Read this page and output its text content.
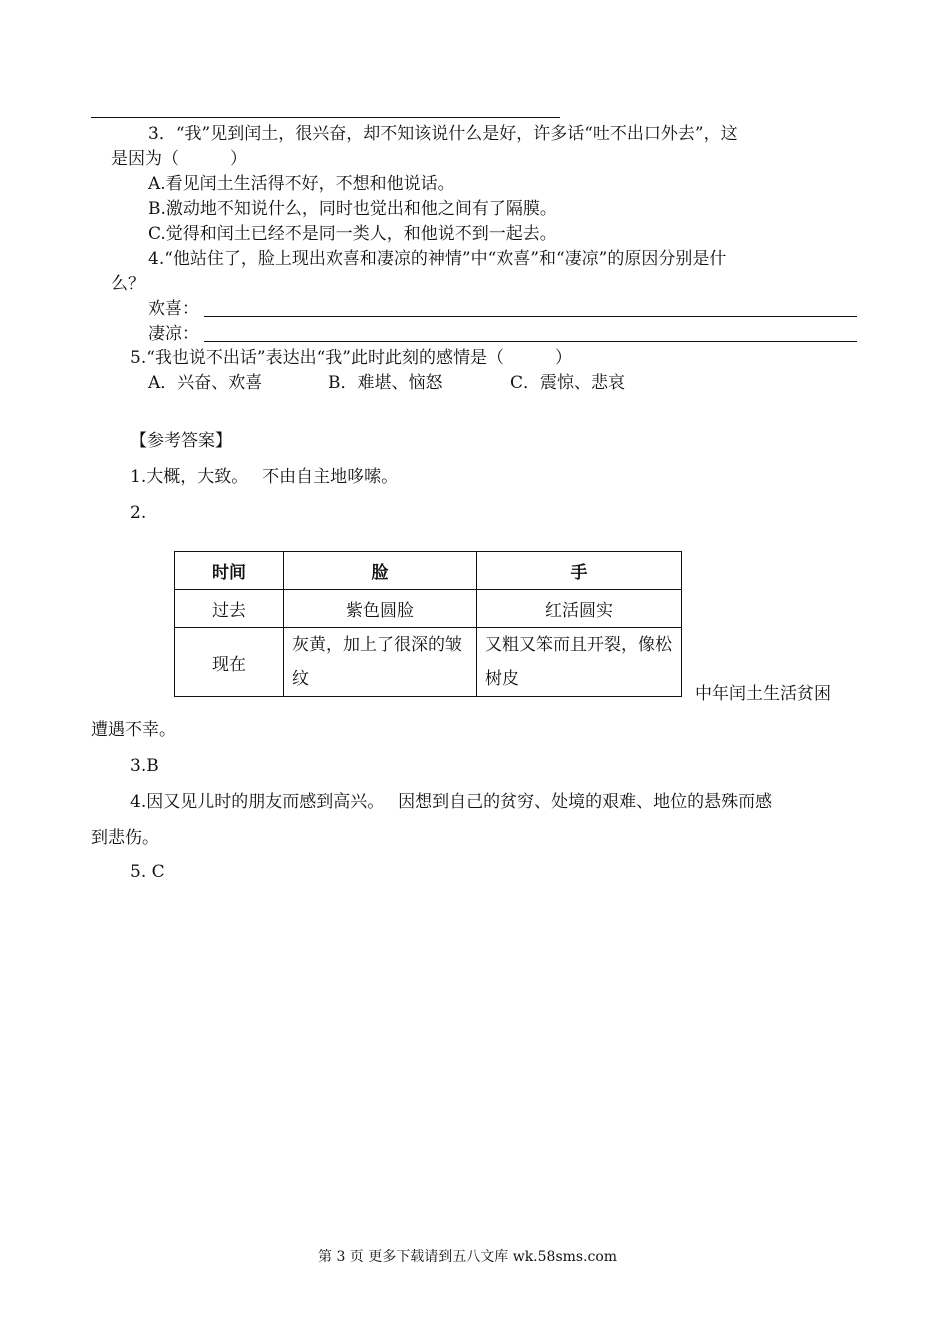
3．“我”见到闰土，很兴奋，却不知该说什么是好，许多话“吐不出口外去”，这
是因为（　　　）
A.看见闰土生活得不好，不想和他说话。
B.激动地不知说什么，同时也觉出和他之间有了隔膜。
C.觉得和闰土已经不是同一类人，和他说不到一起去。
4.“他站住了，脸上现出欢喜和凄凉的神情”中“欢喜”和“凄凉”的原因分别是什
么？
欢喜：
凄凉：
5.“我也说不出话”表达出“我”此时此刻的感情是（　　　）
A．兴奋、欢喜	B．难堪、恼怒	C．震惊、悲哀
【参考答案】
1.大概，大致。　 不由自主地哆嗦。
2.
时间	脸	手
过去	紫色圆脸	红活圆实
现在	灰黄，加上了很深的皱纹	又粗又笨而且开裂，像松树皮
中年闰土生活贫困
遭遇不幸。
3.B
4.因又见儿时的朋友而感到高兴。　 因想到自己的贫穷、处境的艰难、地位的悬殊而感
到悲伤。
5. C
第 3 页 更多下载请到五八文库 wk.58sms.com
